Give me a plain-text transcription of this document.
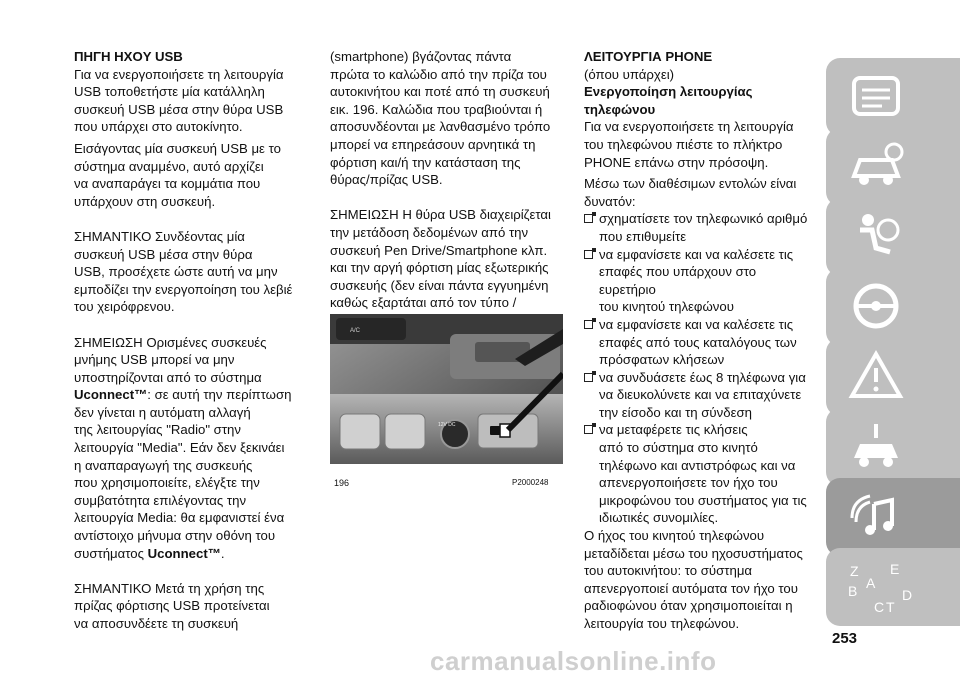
ΠΗΓΗ HXOY USB

Για να ενεργοποιήσετε τη λειτουργία

USB τοποθετήστε μία κατάλληλη

συσκευή USB μέσα στην θύρα USB

που υπάρχει στο αυτοκίνητο.

Εισάγοντας μία συσκευή USB με το

σύστημα αναμμένο, αυτό αρχίζει

να αναπαράγει τα κομμάτια που

υπάρχουν στη συσκευή.

ΣΗΜΑΝΤΙΚΟ Συνδέοντας μία

συσκευή USB μέσα στην θύρα

USB, προσέχετε ώστε αυτή να μην

εμποδίζει την ενεργοποίηση του λεβιέ

του χειρόφρενου.

ΣΗΜΕΙΩΣΗ Ορισμένες συσκευές

μνήμης USB μπορεί να μην

υποστηρίζονται από το σύστημα

Uconnect™: σε αυτή την περίπτωση

δεν γίνεται η αυτόματη αλλαγή

της λειτουργίας "Radio" στην

λειτουργία "Media". Εάν δεν ξεκινάει

η αναπαραγωγή της συσκευής

που χρησιμοποιείτε, ελέγξτε την

συμβατότητα επιλέγοντας την

λειτουργία Media: θα εμφανιστεί ένα

αντίστοιχο μήνυμα στην οθόνη του

συστήματος Uconnect™.

ΣΗΜΑΝΤΙΚΟ Μετά τη χρήση της

πρίζας φόρτισης USB προτείνεται

να αποσυνδέετε τη συσκευή

(smartphone) βγάζοντας πάντα

πρώτα το καλώδιο από την πρίζα του

αυτοκινήτου και ποτέ από τη συσκευή

εικ. 196. Καλώδια που τραβιούνται ή

αποσυνδέονται με λανθασμένο τρόπο

μπορεί να επηρεάσουν αρνητικά τη

φόρτιση και/ή την κατάσταση της

θύρας/πρίζας USB.

ΣΗΜΕΙΩΣΗ Η θύρα USB διαχειρίζεται

την μετάδοση δεδομένων από την

συσκευή Pen Drive/Smartphone κλπ.

και την αργή φόρτιση μίας εξωτερικής

συσκευής (δεν είναι πάντα εγγυημένη

καθώς εξαρτάται από τον τύπο /

A/C
12V DC
196	P2000248

ΛΕΙΤΟΥΡΓΙΑ PHONE

(όπου υπάρχει)

Ενεργοποίηση λειτουργίας

τηλεφώνου

Για να ενεργοποιήσετε τη λειτουργία

του τηλεφώνου πιέστε το πλήκτρο

PHONE επάνω στην πρόσοψη.

Μέσω των διαθέσιμων εντολών είναι

δυνατόν:

σχηματίσετε τον τηλεφωνικό αριθμό

που επιθυμείτε

να εμφανίσετε και να καλέσετε τις

επαφές που υπάρχουν στο ευρετήριο

του κινητού τηλεφώνου

να εμφανίσετε και να καλέσετε τις

επαφές από τους καταλόγους των

πρόσφατων κλήσεων

να συνδυάσετε έως 8 τηλέφωνα για

να διευκολύνετε και να επιταχύνετε

την είσοδο και τη σύνδεση

να μεταφέρετε τις κλήσεις

από το σύστημα στο κινητό

τηλέφωνο και αντιστρόφως και να

απενεργοποιήσετε τον ήχο του

μικροφώνου του συστήματος για τις

ιδιωτικές συνομιλίες.

Ο ήχος του κινητού τηλεφώνου

μεταδίδεται μέσω του ηχοσυστήματος

του αυτοκινήτου: το σύστημα

απενεργοποιεί αυτόματα τον ήχο του

ραδιοφώνου όταν χρησιμοποιείται η

λειτουργία του τηλεφώνου.

Z E
B A
C T
D
253
carmanualsonline.info
